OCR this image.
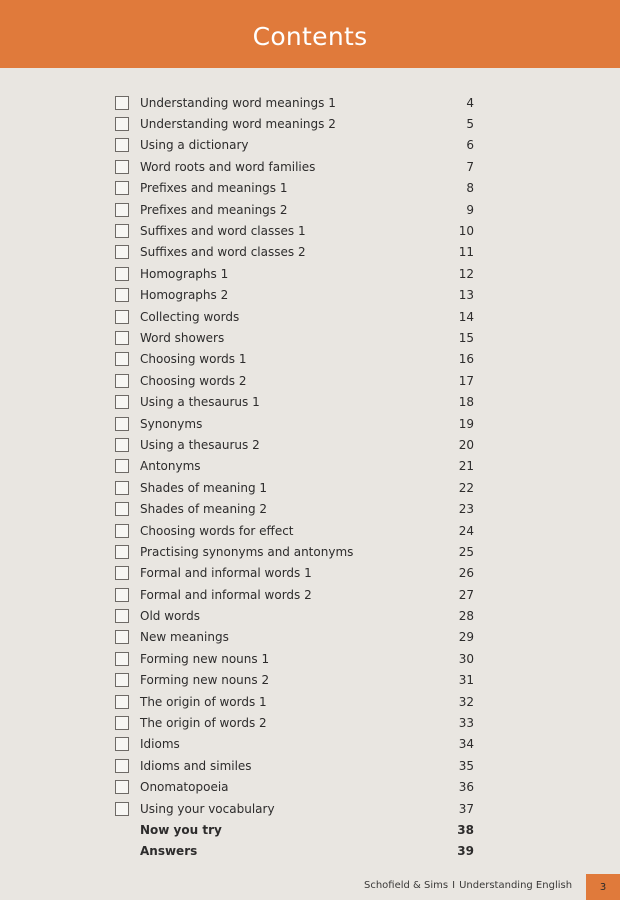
Contents
Understanding word meanings 1	4
Understanding word meanings 2	5
Using a dictionary	6
Word roots and word families	7
Prefixes and meanings 1	8
Prefixes and meanings 2	9
Suffixes and word classes 1	10
Suffixes and word classes 2	11
Homographs 1	12
Homographs 2	13
Collecting words	14
Word showers	15
Choosing words 1	16
Choosing words 2	17
Using a thesaurus 1	18
Synonyms	19
Using a thesaurus 2	20
Antonyms	21
Shades of meaning 1	22
Shades of meaning 2	23
Choosing words for effect	24
Practising synonyms and antonyms	25
Formal and informal words 1	26
Formal and informal words 2	27
Old words	28
New meanings	29
Forming new nouns 1	30
Forming new nouns 2	31
The origin of words 1	32
The origin of words 2	33
Idioms	34
Idioms and similes	35
Onomatopoeia	36
Using your vocabulary	37
Now you try	38
Answers	39
Schofield & Sims I Understanding English	3
